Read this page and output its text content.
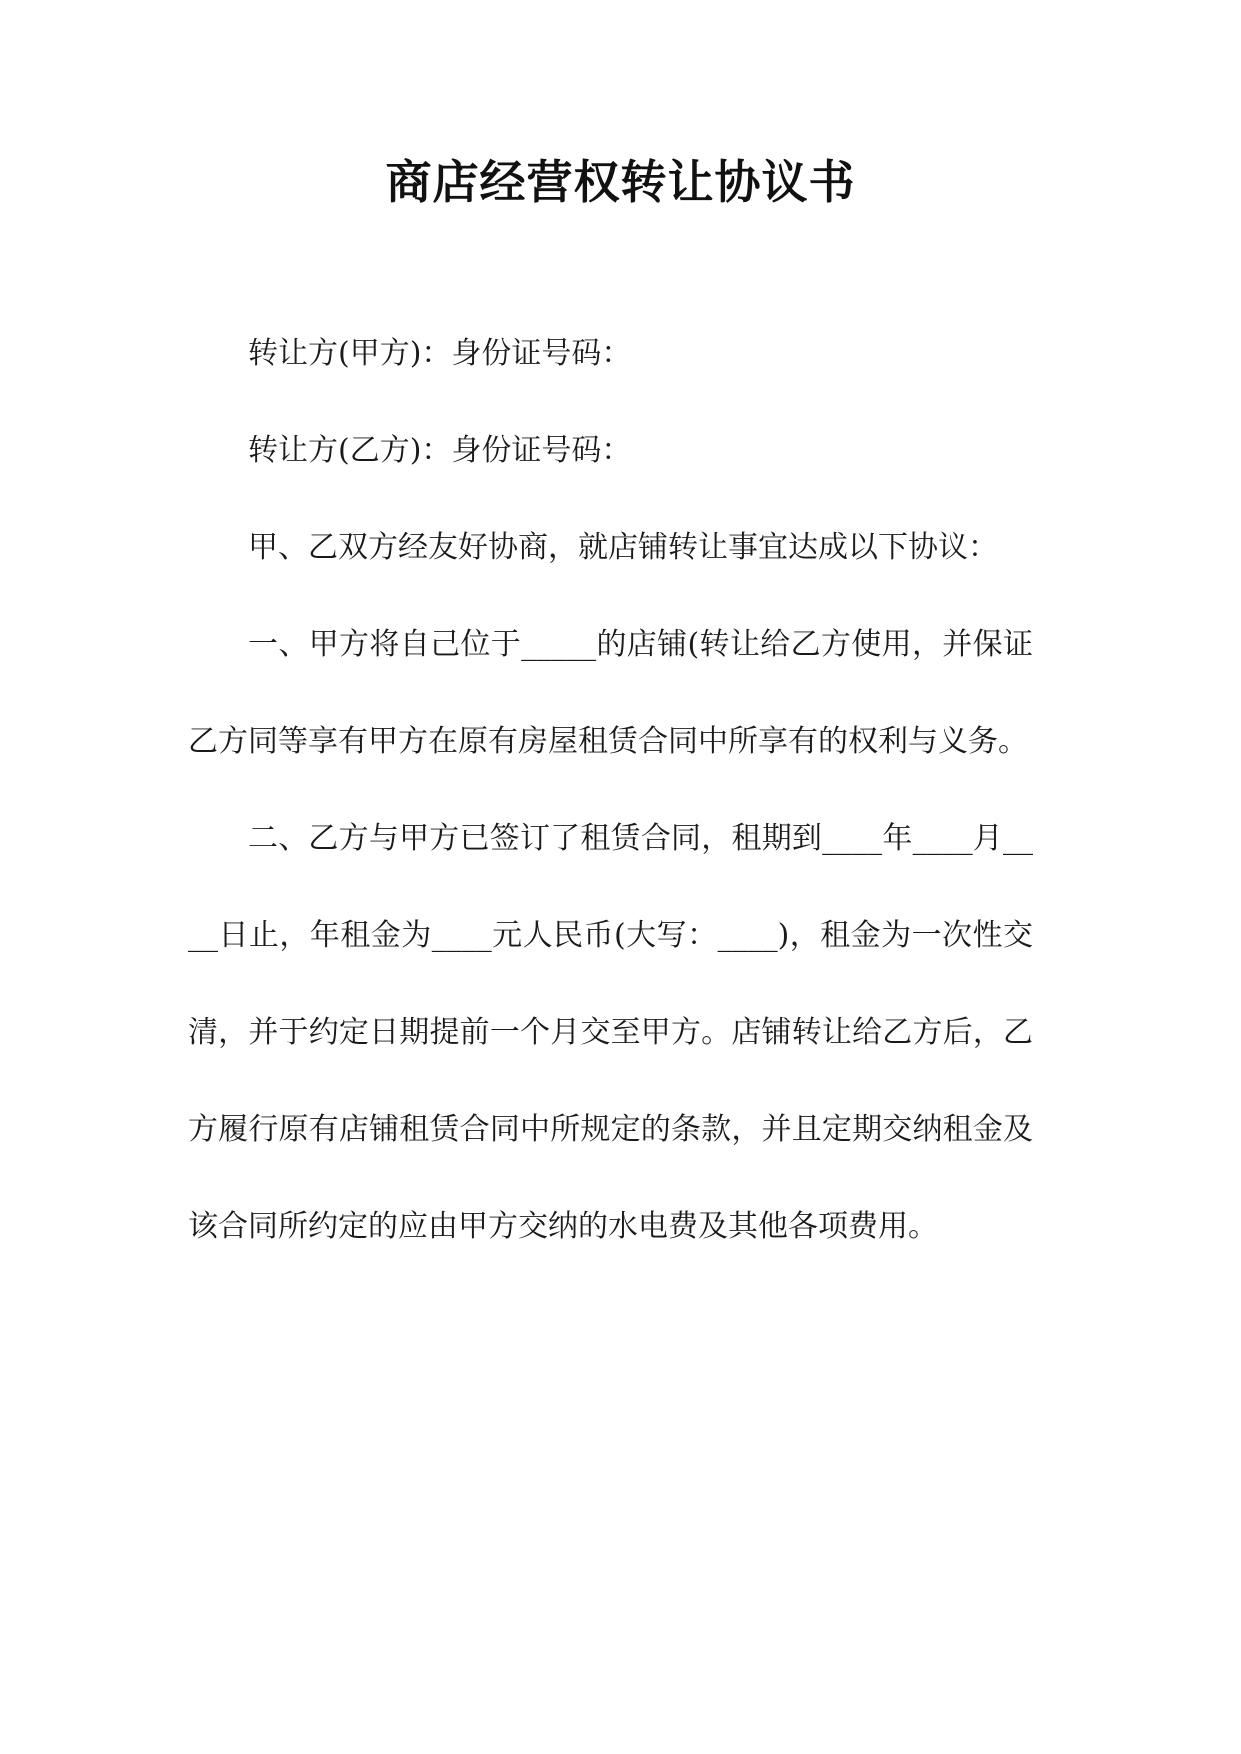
商店经营权转让协议书

转让方(甲方)：身份证号码：

转让方(乙方)：身份证号码：

甲、乙双方经友好协商，就店铺转让事宜达成以下协议：

一、甲方将自己位于_____的店铺(转让给乙方使用，并保证乙方同等享有甲方在原有房屋租赁合同中所享有的权利与义务。

二、乙方与甲方已签订了租赁合同，租期到____年____月____日止，年租金为____元人民币(大写：____)，租金为一次性交清，并于约定日期提前一个月交至甲方。店铺转让给乙方后，乙方履行原有店铺租赁合同中所规定的条款，并且定期交纳租金及该合同所约定的应由甲方交纳的水电费及其他各项费用。
